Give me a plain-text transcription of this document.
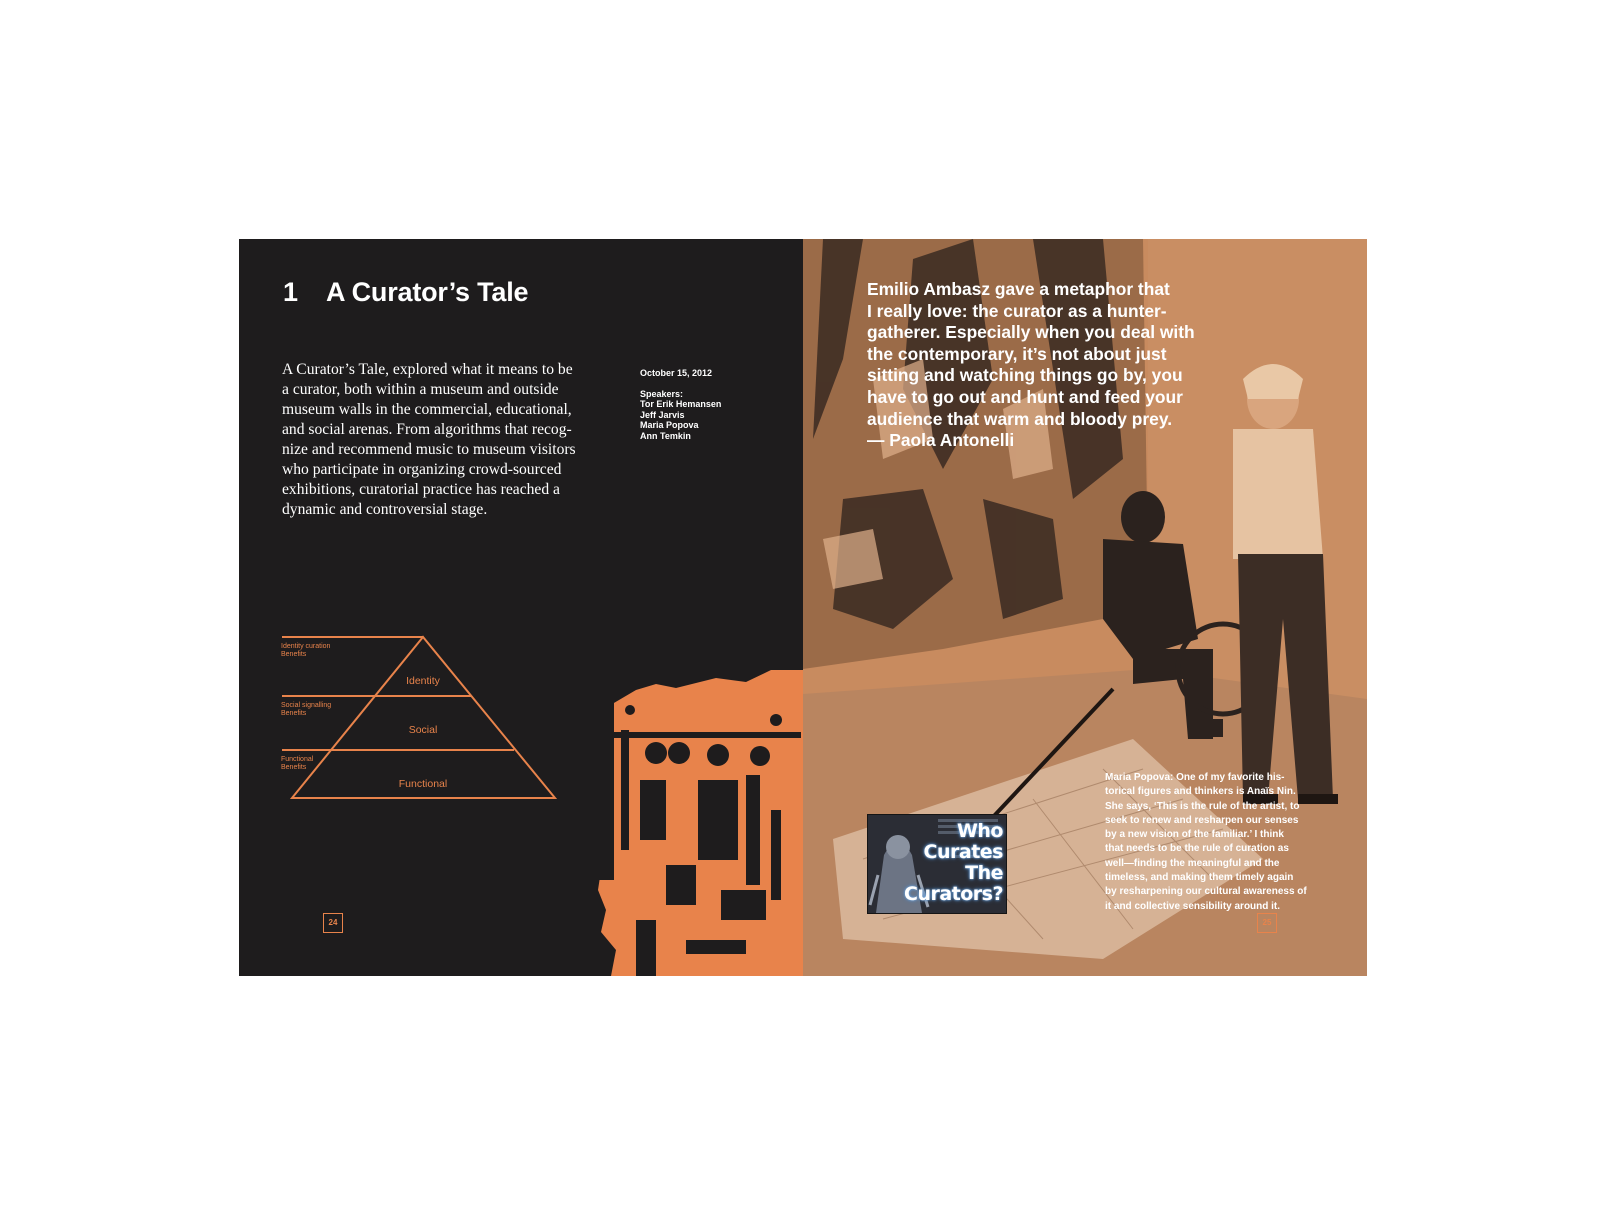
1 A Curator’s Tale
A Curator’s Tale, explored what it means to be
a curator, both within a museum and outside
museum walls in the commercial, educational,
and social arenas. From algorithms that recog-
nize and recommend music to museum visitors
who participate in organizing crowd-sourced
exhibitions, curatorial practice has reached a
dynamic and controversial stage.
October 15, 2012
Speakers:
Tor Erik Hemansen
Jeff Jarvis
Maria Popova
Ann Temkin
Identity curation
Benefits
Social signalling
Benefits
Functional
Benefits
Identity
Social
Functional
24
Emilio Ambasz gave a metaphor that
I really love: the curator as a hunter-
gatherer. Especially when you deal with
the contemporary, it’s not about just
sitting and watching things go by, you
have to go out and hunt and feed your
audience that warm and bloody prey.
— Paola Antonelli
Who
Curates
The
Curators?
Maria Popova: One of my favorite his-
torical figures and thinkers is Anaïs Nin.
She says, ‘This is the rule of the artist, to
seek to renew and resharpen our senses
by a new vision of the familiar.’ I think
that needs to be the rule of curation as
well—finding the meaningful and the
timeless, and making them timely again
by resharpening our cultural awareness of
it and collective sensibility around it.
25
